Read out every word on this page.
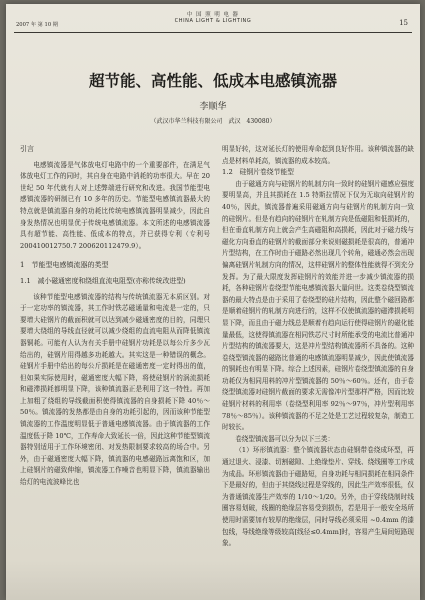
中 国 照 明 电 器
CHINA LIGHT & LIGHTING
2007 年 第 10 期	15
超节能、高性能、低成本电感镇流器
李顺华
（武汉市华兰科技有限公司　武汉　430080）

引言

电感镇流器是气体放电灯电路中的一个重要部件，在满足气体放电灯工作的同时，其自身在电路中消耗的功率很大。早在 20 世纪 50 年代就有人对上述弊端进行研究和改进。我国节能型电感镇流器的研制已有 10 多年的历史。节能型电感镇流器最大的特点就是镇流器自身的功耗比传统电感镇流器明显减少，因此自身发热情况也明显优于传统电感镇流器。本文所述的电感镇流器具有超节能、高性能、低成本的特点，并已获得专利（专利号 200410012750.7 200620112479.9）。

1　节能型电感镇流器的类型

1.1　减小磁通密度和绕组直流电阻型(亦称传统改进型)

该种节能型电感镇流器的结构与传统镇流器无本质区别。对于一定功率的镇流器，其工作时铁芯磁通量和电流是一定的，只要增大硅钢片的截面积就可以达到减少磁通密度的目的，同理只要增大绕组的导线直径就可以减少绕组的直流电阻从而降低镇流器铜耗。可能有人认为有关手册中硅钢片功耗是以每公斤多少瓦给出的，硅钢片用得越多功耗越大。其实这是一种错误的概念。硅钢片手册中给出的每公斤损耗是在磁通密度一定时得出的值，但如果实际使用时，磁通密度大幅下降，将使硅钢片的涡流损耗和磁滞损耗都明显下降，该种镇流器正是利用了这一特性。再加上加粗了绕组的导线截面积使得镇流器的自身损耗下降 40％～50％。镇流器的发热都是由自身的功耗引起的，因而该种节能型镇流器的工作温度明显低于普通电感镇流器。由于镇流器的工作温度低于降 10℃，工作寿命大致延长一倍，因此这种节能型镇流器特别适用于工作环境密闭、对发热限制要求较高的场合中。另外，由于磁通密度大幅下降，镇流器的电感磁路远离饱和区，加上硅钢片的磁致伸缩，镇流器工作噪音也明显下降，镇流器输出给灯的电流波峰比也

明显好转，这对延长灯的使用寿命起到良好作用。该种镇流器的缺点是材料单耗高，镇流器的成本较高。

1.2　硅钢片卷绕节能型

由于磁通方向与硅钢片的轧制方向一致时的硅钢片磁感应强度要明显高，并且其损耗在 1.5 特斯拉情况下仅为无取向硅钢片的 40％，因此，镇流器普遍采用磁通方向与硅钢片的轧制方向一致的硅钢片。但是有趋向的硅钢片在轧制方向是低磁阻和低损耗的，但在垂直轧制方向上就会产生高磁阻和高损耗，因此对于磁力线与磁化方向垂直的硅钢片的截面部分来说则磁损耗是很高的，普通冲片型结构，在工作时由于磁路必然出现几个转角，磁通必然会出现偏离硅钢片轧制方向的情况，这样硅钢片的整体性能就得不到充分发挥。为了最大限度发挥硅钢片的效能并进一步减少镇流器的损耗，各种硅钢片卷绕型节能电感镇流器大量问世。这类卷绕型镇流器的最大特点是由于采用了卷绕型的硅片结构，因此整个磁回路都是顺着硅钢片的轧制方向进行的，这样不仅使镇流器的磁滞损耗明显下降，而且由于磁力线总是顺着有趋向运行使得硅钢片的磁化能量最低，这使得镇流器在相同铁芯尺寸时所能承受的电流比普通冲片型结构的镇流器要大，这是冲片型结构镇流器所不具备的。这种卷绕型镇流器的磁路比普通的电感镇流器明显减少，因此使镇流器的铜耗也有明显下降。综合上述因素，硅钢片卷绕型镇流器的自身功耗仅为相同用料的冲片型镇流器的 50％～60％。还有，由于卷绕型镇流器对硅钢片截面的要求无需像冲片型那样严格，因而比较硅钢片材料的利用率（卷绕型利用率 92％～97％，冲片型利用率 78％～85％）。该种镇流器的不足之处是工艺过程较复杂，制造工时较长。

卷绕型镇流器可以分为以下三类：

（1）环形镇流器：整个镇流器状态由硅钢带卷绕成环型，再通过退火、浸漆、切割磁隙、上绝缘垫片、穿线、绕线圈等工序成为成品。环形镇流器由于磁路短，自身功耗与相同损耗在相同条件下是最好的，但由于其绕线过程是穿线的，因此生产效率很低，仅为普通镇流器生产效率的 1/10～1/20。另外，由于穿线绕制时线圈容易划破，线圈的绝缘层容易受到损伤，若是用于一般安全场所使用时需要加有较厚的绝缘层，同时导线必须采用 ~0.4mm 的漆包线，导线绝缘等级较高[线径≤0.4mm]时，容易产生局间短路现象。
